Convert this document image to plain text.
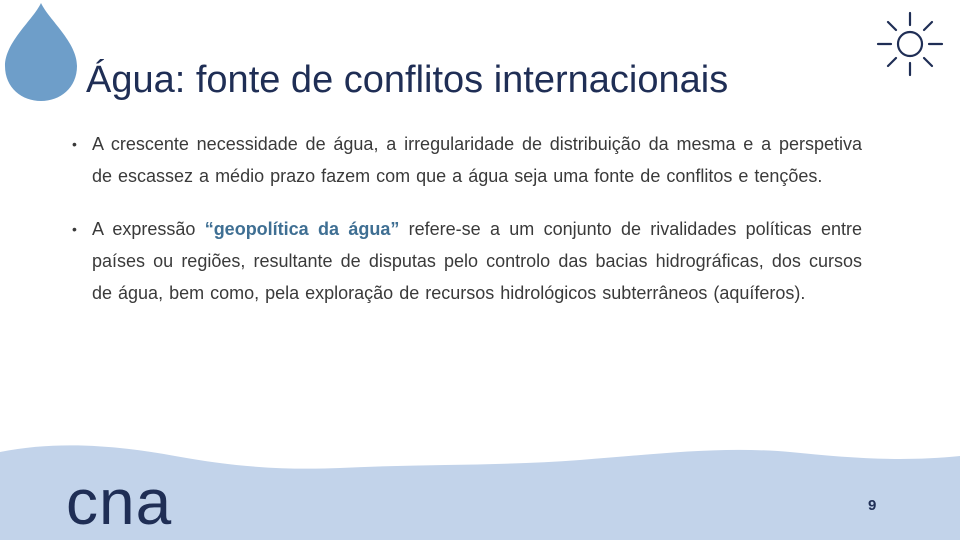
Água: fonte de conflitos internacionais
• A crescente necessidade de água, a irregularidade de distribuição da mesma e a perspetiva de escassez a médio prazo fazem com que a água seja uma fonte de conflitos e tenções.
• A expressão “geopolítica da água” refere-se a um conjunto de rivalidades políticas entre países ou regiões, resultante de disputas pelo controlo das bacias hidrográficas, dos cursos de água, bem como, pela exploração de recursos hidrológicos subterrâneos (aquíferos).
cna	9
